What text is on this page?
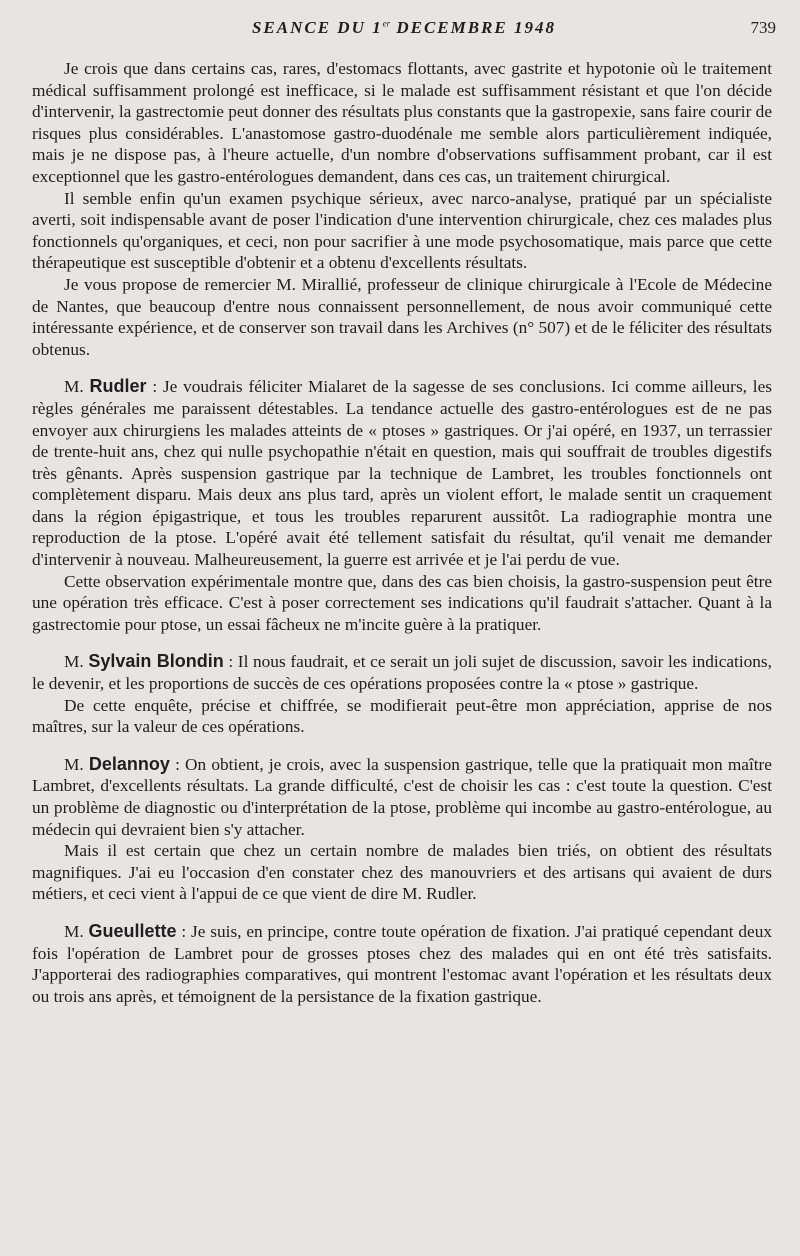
SEANCE DU 1er DECEMBRE 1948	739

Je crois que dans certains cas, rares, d'estomacs flottants, avec gastrite et hypotonie où le traitement médical suffisamment prolongé est inefficace, si le malade est suffisamment résistant et que l'on décide d'intervenir, la gastrectomie peut donner des résultats plus constants que la gastropexie, sans faire courir de risques plus considérables. L'anastomose gastro-duodénale me semble alors particulièrement indiquée, mais je ne dispose pas, à l'heure actuelle, d'un nombre d'observations suffisamment probant, car il est exceptionnel que les gastro-entérologues demandent, dans ces cas, un traitement chirurgical.

Il semble enfin qu'un examen psychique sérieux, avec narco-analyse, pratiqué par un spécialiste averti, soit indispensable avant de poser l'indication d'une intervention chirurgicale, chez ces malades plus fonctionnels qu'organiques, et ceci, non pour sacrifier à une mode psychosomatique, mais parce que cette thérapeutique est susceptible d'obtenir et a obtenu d'excellents résultats.

Je vous propose de remercier M. Mirallié, professeur de clinique chirurgicale à l'Ecole de Médecine de Nantes, que beaucoup d'entre nous connaissent personnellement, de nous avoir communiqué cette intéressante expérience, et de conserver son travail dans les Archives (n° 507) et de le féliciter des résultats obtenus.

M. Rudler : Je voudrais féliciter Mialaret de la sagesse de ses conclusions. Ici comme ailleurs, les règles générales me paraissent détestables. La tendance actuelle des gastro-entérologues est de ne pas envoyer aux chirurgiens les malades atteints de « ptoses » gastriques. Or j'ai opéré, en 1937, un terrassier de trente-huit ans, chez qui nulle psychopathie n'était en question, mais qui souffrait de troubles digestifs très gênants. Après suspension gastrique par la technique de Lambret, les troubles fonctionnels ont complètement disparu. Mais deux ans plus tard, après un violent effort, le malade sentit un craquement dans la région épigastrique, et tous les troubles reparurent aussitôt. La radiographie montra une reproduction de la ptose. L'opéré avait été tellement satisfait du résultat, qu'il venait me demander d'intervenir à nouveau. Malheureusement, la guerre est arrivée et je l'ai perdu de vue.

Cette observation expérimentale montre que, dans des cas bien choisis, la gastro-suspension peut être une opération très efficace. C'est à poser correctement ses indications qu'il faudrait s'attacher. Quant à la gastrectomie pour ptose, un essai fâcheux ne m'incite guère à la pratiquer.

M. Sylvain Blondin : Il nous faudrait, et ce serait un joli sujet de discussion, savoir les indications, le devenir, et les proportions de succès de ces opérations proposées contre la « ptose » gastrique.

De cette enquête, précise et chiffrée, se modifierait peut-être mon appréciation, apprise de nos maîtres, sur la valeur de ces opérations.

M. Delannoy : On obtient, je crois, avec la suspension gastrique, telle que la pratiquait mon maître Lambret, d'excellents résultats. La grande difficulté, c'est de choisir les cas : c'est toute la question. C'est un problème de diagnostic ou d'interprétation de la ptose, problème qui incombe au gastro-entérologue, au médecin qui devraient bien s'y attacher.

Mais il est certain que chez un certain nombre de malades bien triés, on obtient des résultats magnifiques. J'ai eu l'occasion d'en constater chez des manouvriers et des artisans qui avaient de durs métiers, et ceci vient à l'appui de ce que vient de dire M. Rudler.

M. Gueullette : Je suis, en principe, contre toute opération de fixation. J'ai pratiqué cependant deux fois l'opération de Lambret pour de grosses ptoses chez des malades qui en ont été très satisfaits. J'apporterai des radiographies comparatives, qui montrent l'estomac avant l'opération et les résultats deux ou trois ans après, et témoignent de la persistance de la fixation gastrique.
